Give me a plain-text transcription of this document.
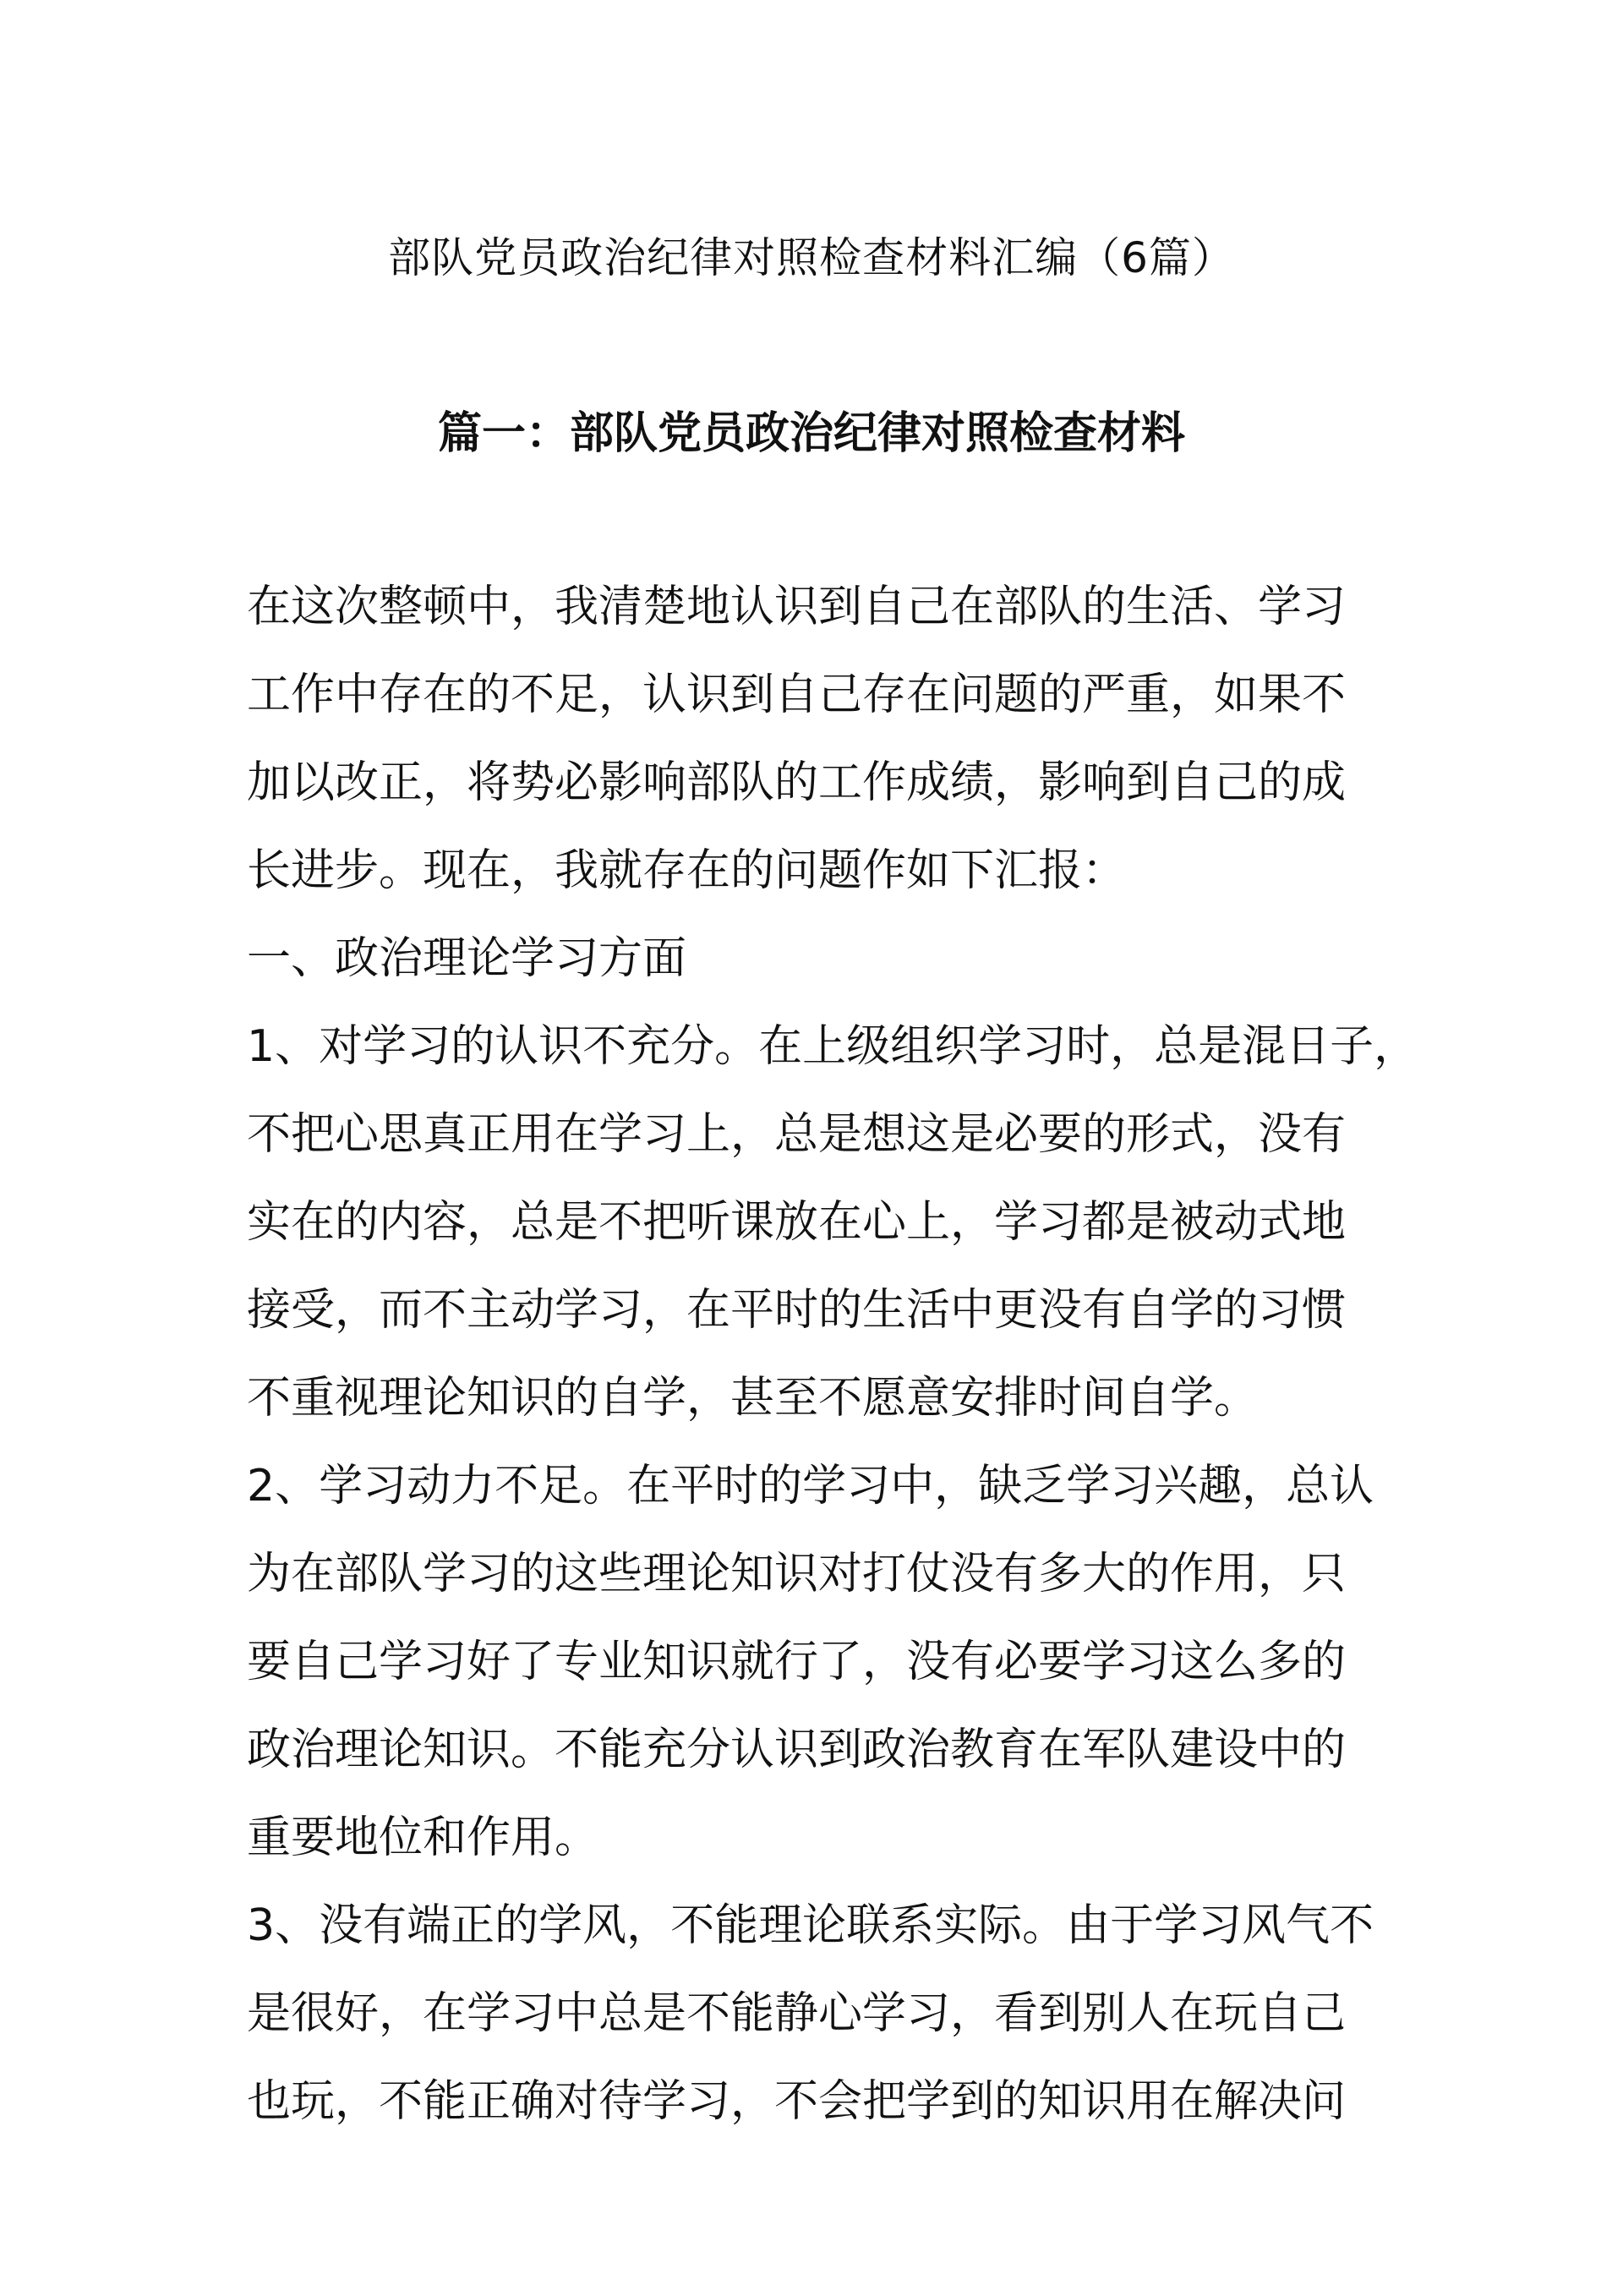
部队党员政治纪律对照检查材料汇编（6篇）
篇一：部队党员政治纪律对照检查材料
在这次整顿中，我清楚地认识到自己在部队的生活、学习
工作中存在的不足，认识到自己存在问题的严重，如果不
加以改正，将势必影响部队的工作成绩，影响到自己的成
长进步。现在，我就存在的问题作如下汇报：
一、政治理论学习方面
1、对学习的认识不充分。在上级组织学习时，总是混日子，
不把心思真正用在学习上，总是想这是必要的形式，没有
实在的内容，总是不把听课放在心上，学习都是被动式地
接受，而不主动学习，在平时的生活中更没有自学的习惯
不重视理论知识的自学，甚至不愿意安排时间自学。
2、学习动力不足。在平时的学习中，缺乏学习兴趣，总认
为在部队学习的这些理论知识对打仗没有多大的作用，只
要自己学习好了专业知识就行了，没有必要学习这么多的
政治理论知识。不能充分认识到政治教育在军队建设中的
重要地位和作用。
3、没有端正的学风，不能理论联系实际。由于学习风气不
是很好，在学习中总是不能静心学习，看到别人在玩自己
也玩，不能正确对待学习，不会把学到的知识用在解决问
